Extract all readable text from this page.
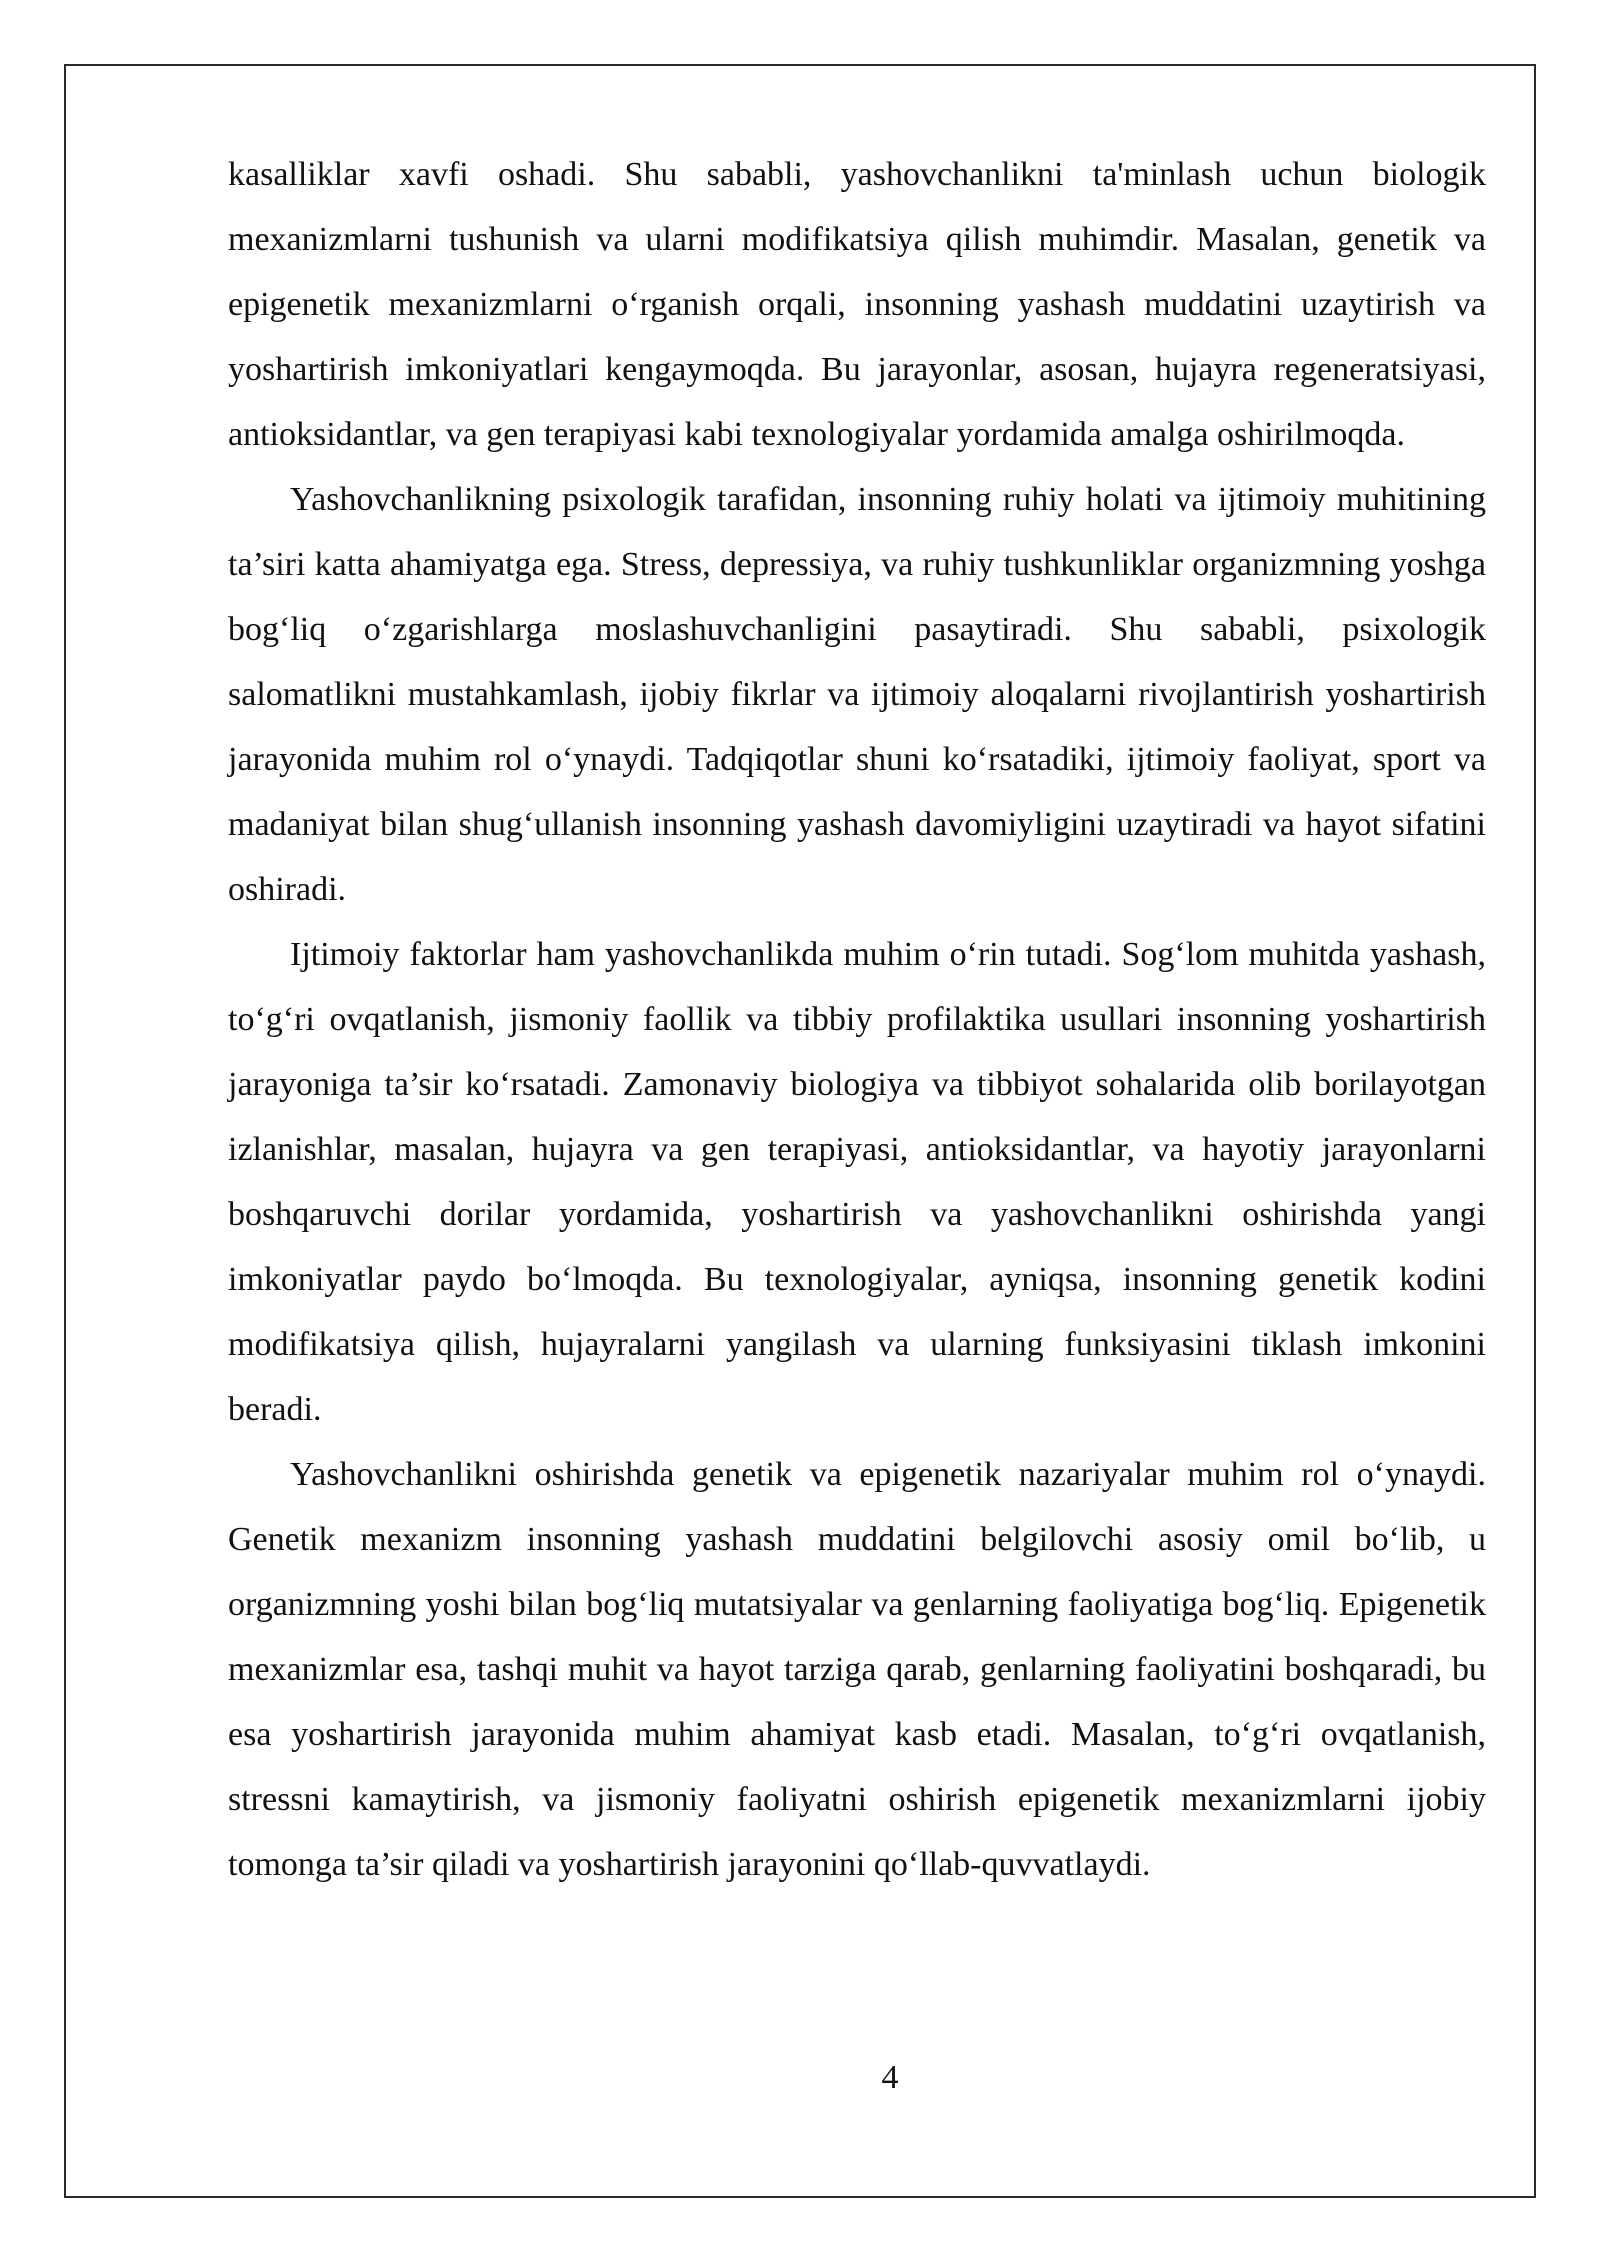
kasalliklar xavfi oshadi. Shu sababli, yashovchanlikni ta'minlash uchun biologik mexanizmlarni tushunish va ularni modifikatsiya qilish muhimdir. Masalan, genetik va epigenetik mexanizmlarni o‘rganish orqali, insonning yashash muddatini uzaytirish va yoshartirish imkoniyatlari kengaymoqda. Bu jarayonlar, asosan, hujayra regeneratsiyasi, antioksidantlar, va gen terapiyasi kabi texnologiyalar yordamida amalga oshirilmoqda.

Yashovchanlikning psixologik tarafidan, insonning ruhiy holati va ijtimoiy muhitining ta’siri katta ahamiyatga ega. Stress, depressiya, va ruhiy tushkunliklar organizmning yoshga bog‘liq o‘zgarishlarga moslashuvchanligini pasaytiradi. Shu sababli, psixologik salomatlikni mustahkamlash, ijobiy fikrlar va ijtimoiy aloqalarni rivojlantirish yoshartirish jarayonida muhim rol o‘ynaydi. Tadqiqotlar shuni ko‘rsatadiki, ijtimoiy faoliyat, sport va madaniyat bilan shug‘ullanish insonning yashash davomiyligini uzaytiradi va hayot sifatini oshiradi.

Ijtimoiy faktorlar ham yashovchanlikda muhim o‘rin tutadi. Sog‘lom muhitda yashash, to‘g‘ri ovqatlanish, jismoniy faollik va tibbiy profilaktika usullari insonning yoshartirish jarayoniga ta’sir ko‘rsatadi. Zamonaviy biologiya va tibbiyot sohalarida olib borilayotgan izlanishlar, masalan, hujayra va gen terapiyasi, antioksidantlar, va hayotiy jarayonlarni boshqaruvchi dorilar yordamida, yoshartirish va yashovchanlikni oshirishda yangi imkoniyatlar paydo bo‘lmoqda. Bu texnologiyalar, ayniqsa, insonning genetik kodini modifikatsiya qilish, hujayralarni yangilash va ularning funksiyasini tiklash imkonini beradi.

Yashovchanlikni oshirishda genetik va epigenetik nazariyalar muhim rol o‘ynaydi. Genetik mexanizm insonning yashash muddatini belgilovchi asosiy omil bo‘lib, u organizmning yoshi bilan bog‘liq mutatsiyalar va genlarning faoliyatiga bog‘liq. Epigenetik mexanizmlar esa, tashqi muhit va hayot tarziga qarab, genlarning faoliyatini boshqaradi, bu esa yoshartirish jarayonida muhim ahamiyat kasb etadi. Masalan, to‘g‘ri ovqatlanish, stressni kamaytirish, va jismoniy faoliyatni oshirish epigenetik mexanizmlarni ijobiy tomonga ta’sir qiladi va yoshartirish jarayonini qo‘llab-quvvatlaydi.

4
